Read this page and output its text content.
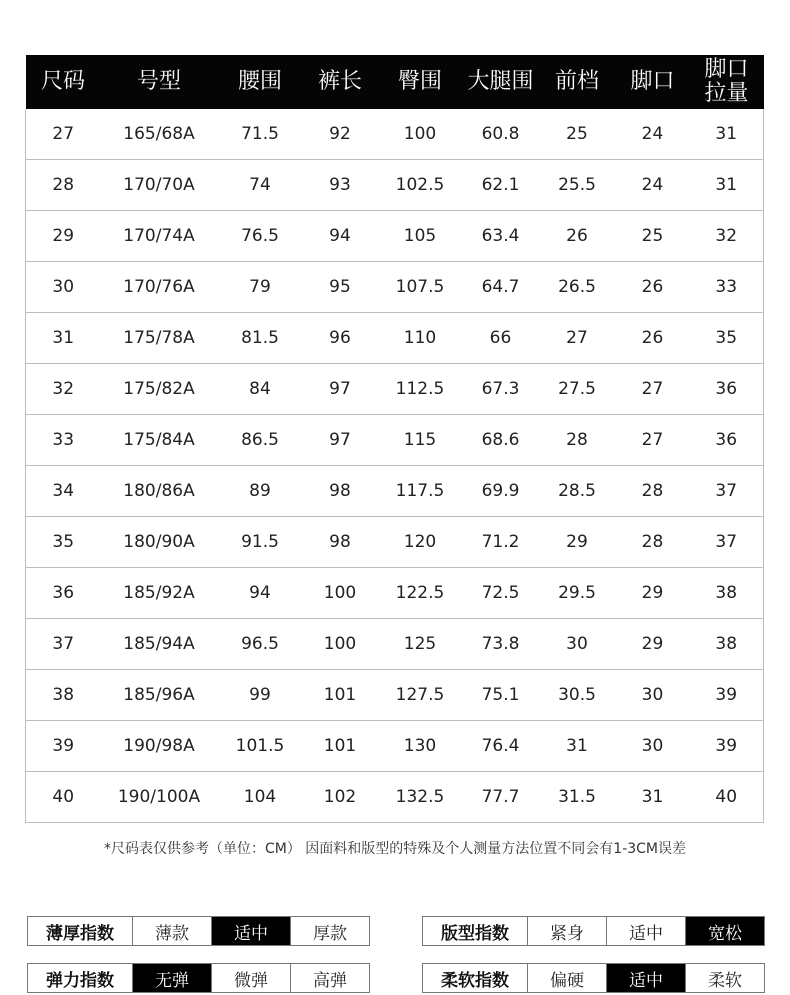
尺码	号型	腰围	裤长	臀围	大腿围	前档	脚口	脚口拉量
27	165/68A	71.5	92	100	60.8	25	24	31
28	170/70A	74	93	102.5	62.1	25.5	24	31
29	170/74A	76.5	94	105	63.4	26	25	32
30	170/76A	79	95	107.5	64.7	26.5	26	33
31	175/78A	81.5	96	110	66	27	26	35
32	175/82A	84	97	112.5	67.3	27.5	27	36
33	175/84A	86.5	97	115	68.6	28	27	36
34	180/86A	89	98	117.5	69.9	28.5	28	37
35	180/90A	91.5	98	120	71.2	29	28	37
36	185/92A	94	100	122.5	72.5	29.5	29	38
37	185/94A	96.5	100	125	73.8	30	29	38
38	185/96A	99	101	127.5	75.1	30.5	30	39
39	190/98A	101.5	101	130	76.4	31	30	39
40	190/100A	104	102	132.5	77.7	31.5	31	40
*尺码表仅供参考（单位：CM） 因面料和版型的特殊及个人测量方法位置不同会有1-3CM误差
薄厚指数	薄款	适中	厚款	版型指数	紧身	适中	宽松
弹力指数	无弹	微弹	高弹	柔软指数	偏硬	适中	柔软
